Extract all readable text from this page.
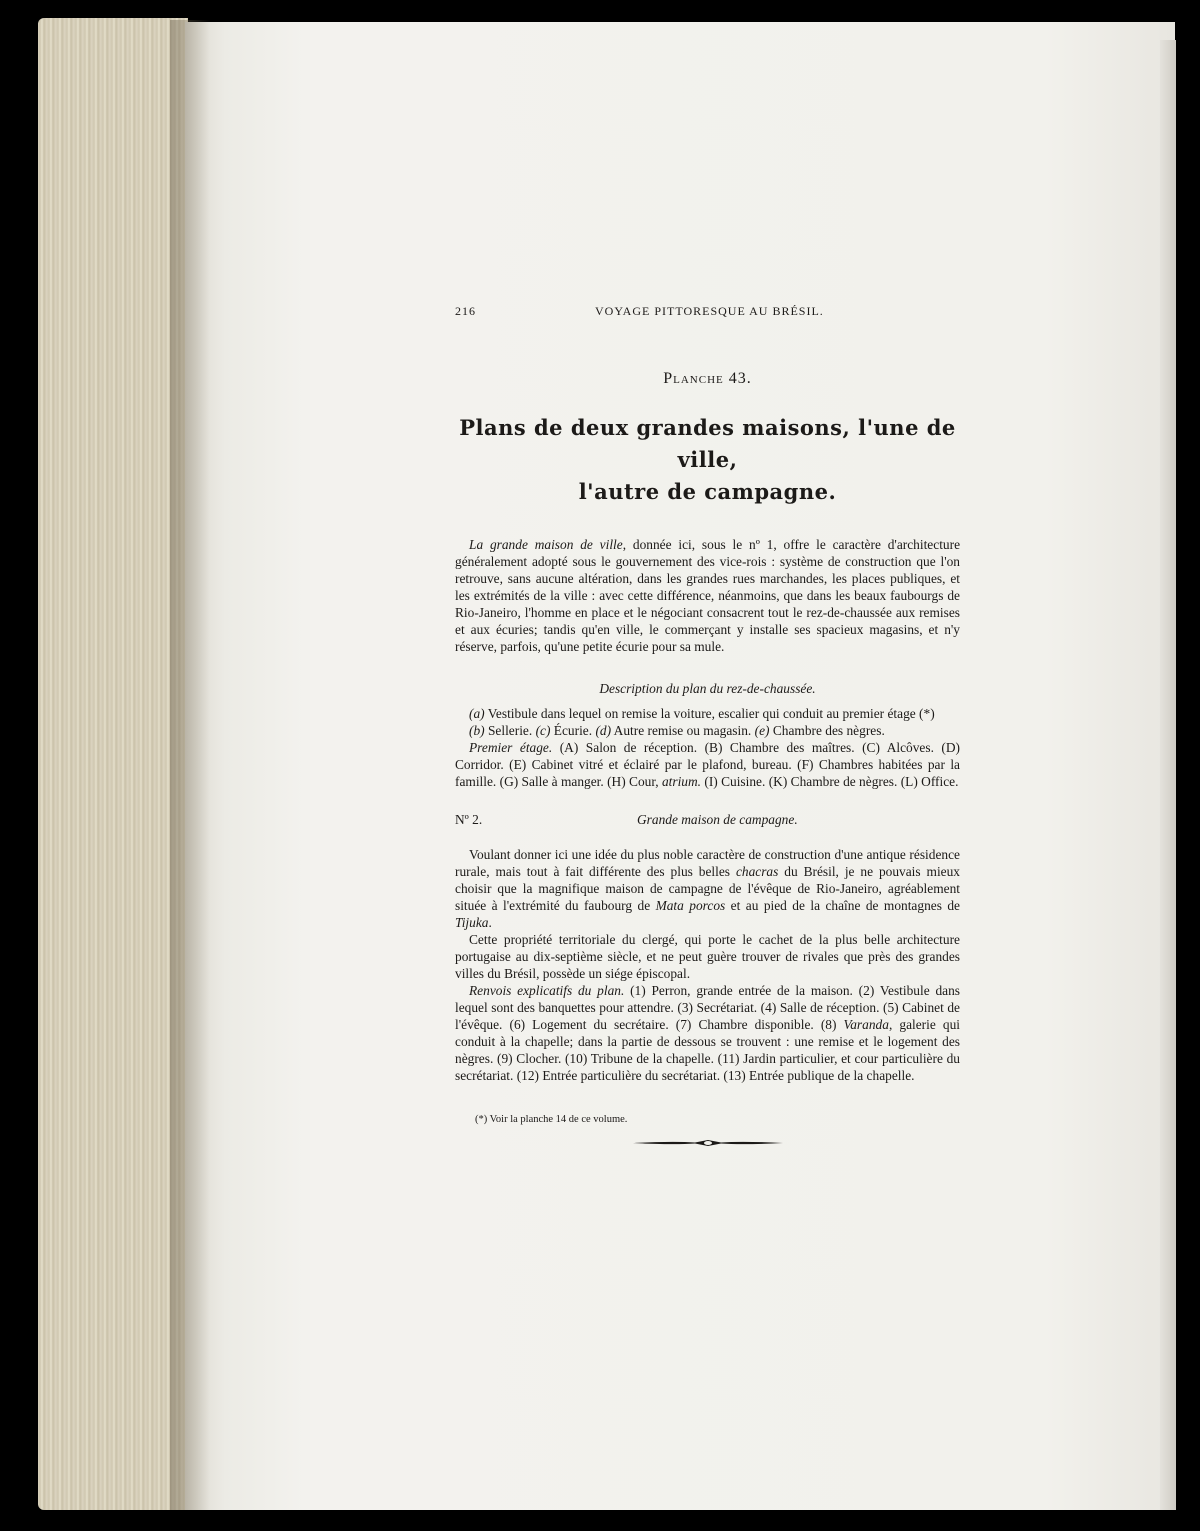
216	VOYAGE PITTORESQUE AU BRÉSIL.
Planche 43.
Plans de deux grandes maisons, l'une de ville,
l'autre de campagne.

La grande maison de ville, donnée ici, sous le nº 1, offre le caractère d'architecture généralement adopté sous le gouvernement des vice-rois : système de construction que l'on retrouve, sans aucune altération, dans les grandes rues marchandes, les places publiques, et les extrémités de la ville : avec cette différence, néanmoins, que dans les beaux faubourgs de Rio-Janeiro, l'homme en place et le négociant consacrent tout le rez-de-chaussée aux remises et aux écuries; tandis qu'en ville, le commerçant y installe ses spacieux magasins, et n'y réserve, parfois, qu'une petite écurie pour sa mule.

Description du plan du rez-de-chaussée.

(a) Vestibule dans lequel on remise la voiture, escalier qui conduit au premier étage (*)

(b) Sellerie. (c) Écurie. (d) Autre remise ou magasin. (e) Chambre des nègres.

Premier étage. (A) Salon de réception. (B) Chambre des maîtres. (C) Alcôves. (D) Corridor. (E) Cabinet vitré et éclairé par le plafond, bureau. (F) Chambres habitées par la famille. (G) Salle à manger. (H) Cour, atrium. (I) Cuisine. (K) Chambre de nègres. (L) Office.

Nº 2.	Grande maison de campagne.

Voulant donner ici une idée du plus noble caractère de construction d'une antique résidence rurale, mais tout à fait différente des plus belles chacras du Brésil, je ne pouvais mieux choisir que la magnifique maison de campagne de l'évêque de Rio-Janeiro, agréablement située à l'extrémité du faubourg de Mata porcos et au pied de la chaîne de montagnes de Tijuka.

Cette propriété territoriale du clergé, qui porte le cachet de la plus belle architecture portugaise au dix-septième siècle, et ne peut guère trouver de rivales que près des grandes villes du Brésil, possède un siége épiscopal.

Renvois explicatifs du plan. (1) Perron, grande entrée de la maison. (2) Vestibule dans lequel sont des banquettes pour attendre. (3) Secrétariat. (4) Salle de réception. (5) Cabinet de l'évêque. (6) Logement du secrétaire. (7) Chambre disponible. (8) Varanda, galerie qui conduit à la chapelle; dans la partie de dessous se trouvent : une remise et le logement des nègres. (9) Clocher. (10) Tribune de la chapelle. (11) Jardin particulier, et cour particulière du secrétariat. (12) Entrée particulière du secrétariat. (13) Entrée publique de la chapelle.

(*) Voir la planche 14 de ce volume.
